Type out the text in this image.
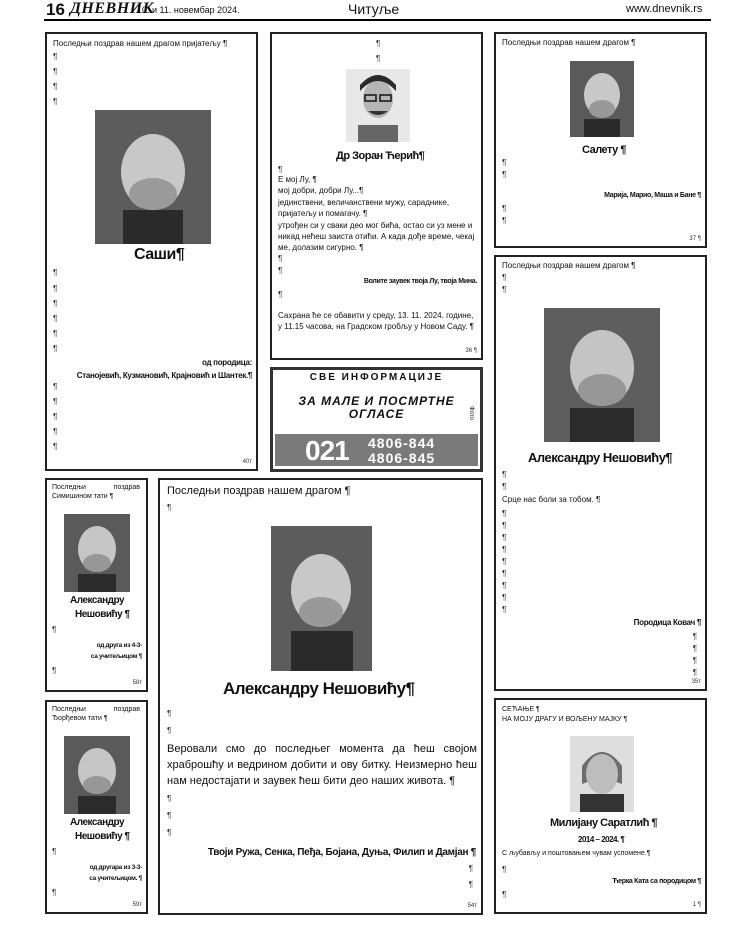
16 ДНЕВНИК
10. и 11. новембар 2024.	Читуље	www.dnevnik.rs
Последњи поздрав нашем драгом пријатељу ¶
¶
¶
¶
¶
Саши¶
¶
¶
¶
¶
¶
¶
од породица:
Станојевић, Кузмановић, Крајновић и Шантек.¶
¶
¶
¶
¶
¶
40т
¶
¶
Др Зоран Ћерић¶
¶
Е мој Лу, ¶
мој добри, добри Лу...¶
јединствени, величанствени мужу, сараднике, пријатељу и помагачу. ¶
утрођен си у сваки део мог бића, остао си уз мене и никад нећеш заиста отићи. А када дође време, чекај ме, долазим сигурно. ¶
¶
¶
Волите заувек твоја Лу, твоја Мина.
¶
Сахрана ће се обавити у среду, 13. 11. 2024. године, у 11.15 часова, на Градском гробљу у Новом Саду. ¶
36 ¶
СВЕ ИНФОРМАЦИЈЕ
ЗА МАЛЕ И ПОСМРТНЕ
ОГЛАСЕ	Фото
021 4806-844
4806-845
Последњи поздрав нашем драгом ¶
Салету ¶
¶
¶
Марија, Марио, Маша и Бане ¶
¶
¶
37 ¶
Последњи поздрав нашем драгом ¶
¶
¶
Александру Нешовићу¶
¶
¶
Срце нас боли за тобом. ¶
¶
¶
¶
¶
¶
¶
¶
¶
¶
Породица Ковач ¶
¶
¶
¶
¶
35т
Последњи	поздрав
Симишином тати ¶
Александру
Нешовићу ¶
¶
од друга из 4-3-
са учитељицом ¶
¶
58т
Последњи поздрав нашем драгом ¶
¶
Александру Нешовићу¶
¶
¶
Веровали смо до последњег момента да ћеш својом храброшћу и ведрином добити и ову битку. Неизмерно ћеш нам недостајати и заувек ћеш бити део наших живота. ¶
¶
¶
¶
Твоји Ружа, Сенка, Пеђа, Бојана, Дуња, Филип и Дамјан ¶
¶
¶
54т
Последњи	поздрав
Ђорђевом тати ¶
Александру
Нешовићу ¶
¶
од другара из 3-3-
са учитељицом. ¶
¶
59т
СЕЋАЊЕ ¶
НА МОЈУ ДРАГУ И ВОЉЕНУ МАЈКУ ¶
Милијану Саратлић ¶
2014 – 2024. ¶
С љубављу и поштовањем чувам успомене.¶
¶
Ћерка Ката са породицом ¶
¶
1 ¶
